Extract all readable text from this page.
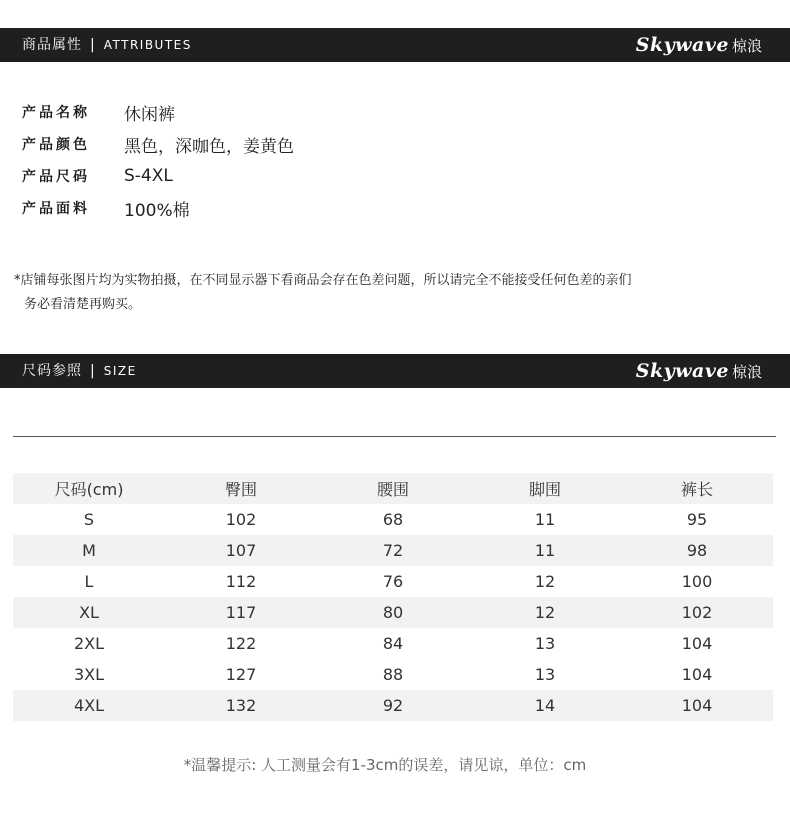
商品属性 | ATTRIBUTES	Skywave 椋浪
产品名称	休闲裤
产品颜色	黑色，深咖色，姜黄色
产品尺码	S-4XL
产品面料	100%棉
*店铺每张图片均为实物拍摄，在不同显示器下看商品会存在色差问题，所以请完全不能接受任何色差的亲们
务必看清楚再购买。
尺码参照 | SIZE	Skywave 椋浪
尺码(cm)	臀围	腰围	脚围	裤长
S	102	68	11	95
M	107	72	11	98
L	112	76	12	100
XL	117	80	12	102
2XL	122	84	13	104
3XL	127	88	13	104
4XL	132	92	14	104
*温馨提示: 人工测量会有1-3cm的误差，请见谅，单位：cm
